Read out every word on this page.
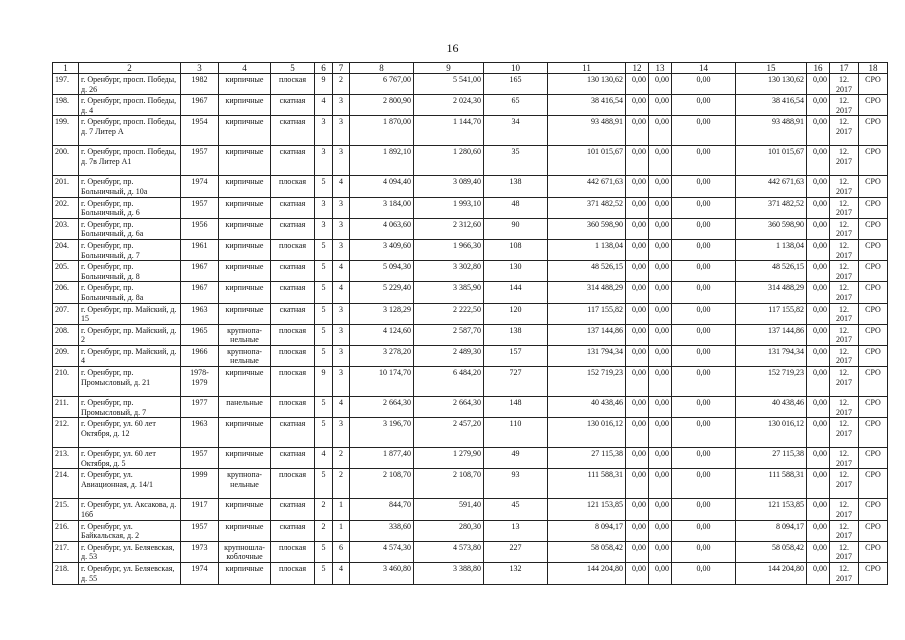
16
1	2	3	4	5	6	7	8	9	10	11	12	13	14	15	16	17	18
197.	г. Оренбург, просп. Победы, д. 26	1982	кирпичные	плоская	9	2	6 767,00	5 541,00	165	130 130,62	0,00	0,00	0,00	130 130,62	0,00	12. 2017	СРО
198.	г. Оренбург, просп. Победы, д. 4	1967	кирпичные	скатная	4	3	2 800,90	2 024,30	65	38 416,54	0,00	0,00	0,00	38 416,54	0,00	12. 2017	СРО
199.	г. Оренбург, просп. Победы, д. 7 Литер А	1954	кирпичные	скатная	3	3	1 870,00	1 144,70	34	93 488,91	0,00	0,00	0,00	93 488,91	0,00	12. 2017	СРО
200.	г. Оренбург, просп. Победы, д. 7в Литер А1	1957	кирпичные	скатная	3	3	1 892,10	1 280,60	35	101 015,67	0,00	0,00	0,00	101 015,67	0,00	12. 2017	СРО
201.	г. Оренбург, пр. Больничный, д. 10а	1974	кирпичные	плоская	5	4	4 094,40	3 089,40	138	442 671,63	0,00	0,00	0,00	442 671,63	0,00	12. 2017	СРО
202.	г. Оренбург, пр. Больничный, д. 6	1957	кирпичные	скатная	3	3	3 184,00	1 993,10	48	371 482,52	0,00	0,00	0,00	371 482,52	0,00	12. 2017	СРО
203.	г. Оренбург, пр. Больничный, д. 6а	1956	кирпичные	скатная	3	3	4 063,60	2 312,60	90	360 598,90	0,00	0,00	0,00	360 598,90	0,00	12. 2017	СРО
204.	г. Оренбург, пр. Больничный, д. 7	1961	кирпичные	плоская	5	3	3 409,60	1 966,30	108	1 138,04	0,00	0,00	0,00	1 138,04	0,00	12. 2017	СРО
205.	г. Оренбург, пр. Больничный, д. 8	1967	кирпичные	скатная	5	4	5 094,30	3 302,80	130	48 526,15	0,00	0,00	0,00	48 526,15	0,00	12. 2017	СРО
206.	г. Оренбург, пр. Больничный, д. 8а	1967	кирпичные	скатная	5	4	5 229,40	3 385,90	144	314 488,29	0,00	0,00	0,00	314 488,29	0,00	12. 2017	СРО
207.	г. Оренбург, пр. Майский, д. 15	1963	кирпичные	скатная	5	3	3 128,29	2 222,50	120	117 155,82	0,00	0,00	0,00	117 155,82	0,00	12. 2017	СРО
208.	г. Оренбург, пр. Майский, д. 2	1965	крупнопа- нельные	плоская	5	3	4 124,60	2 587,70	138	137 144,86	0,00	0,00	0,00	137 144,86	0,00	12. 2017	СРО
209.	г. Оренбург, пр. Майский, д. 4	1966	крупнопа- нельные	плоская	5	3	3 278,20	2 489,30	157	131 794,34	0,00	0,00	0,00	131 794,34	0,00	12. 2017	СРО
210.	г. Оренбург, пр. Промысловый, д. 21	1978- 1979	кирпичные	плоская	9	3	10 174,70	6 484,20	727	152 719,23	0,00	0,00	0,00	152 719,23	0,00	12. 2017	СРО
211.	г. Оренбург, пр. Промысловый, д. 7	1977	панельные	плоская	5	4	2 664,30	2 664,30	148	40 438,46	0,00	0,00	0,00	40 438,46	0,00	12. 2017	СРО
212.	г. Оренбург, ул. 60 лет Октября, д. 12	1963	кирпичные	скатная	5	3	3 196,70	2 457,20	110	130 016,12	0,00	0,00	0,00	130 016,12	0,00	12. 2017	СРО
213.	г. Оренбург, ул. 60 лет Октября, д. 5	1957	кирпичные	скатная	4	2	1 877,40	1 279,90	49	27 115,38	0,00	0,00	0,00	27 115,38	0,00	12. 2017	СРО
214.	г. Оренбург, ул. Авиационная, д. 14/1	1999	крупнопа- нельные	плоская	5	2	2 108,70	2 108,70	93	111 588,31	0,00	0,00	0,00	111 588,31	0,00	12. 2017	СРО
215.	г. Оренбург, ул. Аксакова, д. 16б	1917	кирпичные	скатная	2	1	844,70	591,40	45	121 153,85	0,00	0,00	0,00	121 153,85	0,00	12. 2017	СРО
216.	г. Оренбург, ул. Байкальская, д. 2	1957	кирпичные	скатная	2	1	338,60	280,30	13	8 094,17	0,00	0,00	0,00	8 094,17	0,00	12. 2017	СРО
217.	г. Оренбург, ул. Беляевская, д. 53	1973	крупношла- коблочные	плоская	5	6	4 574,30	4 573,80	227	58 058,42	0,00	0,00	0,00	58 058,42	0,00	12. 2017	СРО
218.	г. Оренбург, ул. Беляевская, д. 55	1974	кирпичные	плоская	5	4	3 460,80	3 388,80	132	144 204,80	0,00	0,00	0,00	144 204,80	0,00	12. 2017	СРО
